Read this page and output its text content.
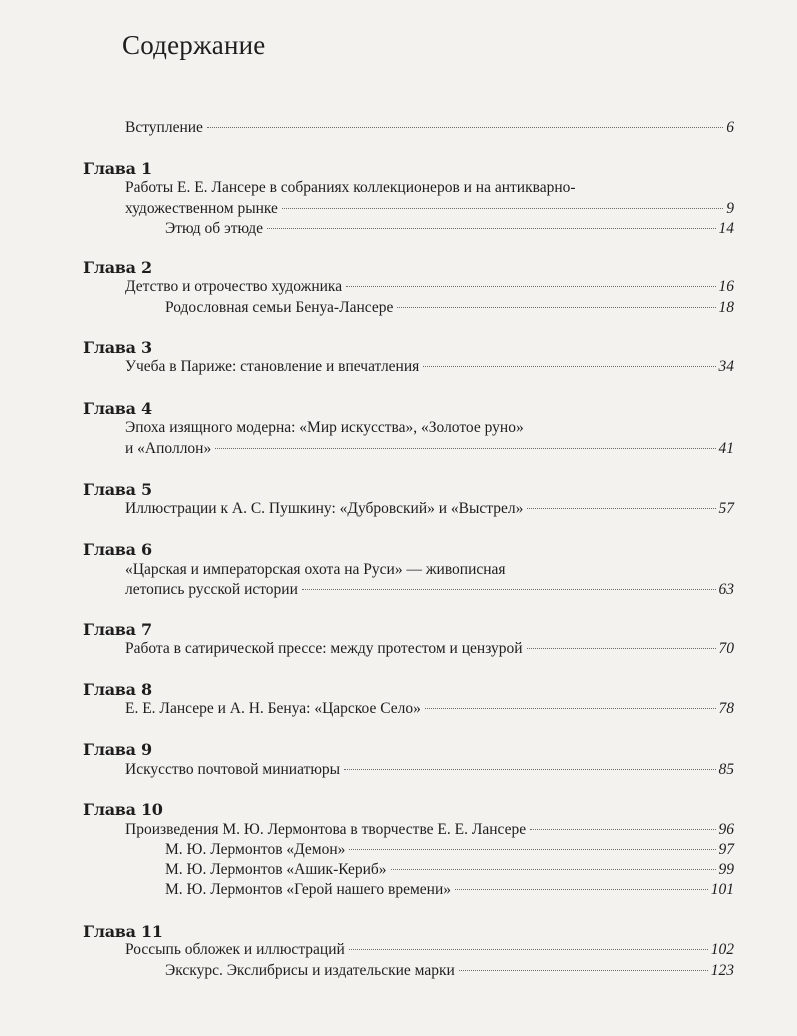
Содержание
Вступление	6
Глава 1
Работы Е. Е. Лансере в собраниях коллекционеров и на антикварно-
художественном рынке	9
Этюд об этюде	14
Глава 2
Детство и отрочество художника	16
Родословная семьи Бенуа-Лансере	18
Глава 3
Учеба в Париже: становление и впечатления	34
Глава 4
Эпоха изящного модерна: «Мир искусства», «Золотое руно»
и «Аполлон»	41
Глава 5
Иллюстрации к А. С. Пушкину: «Дубровский» и «Выстрел»	57
Глава 6
«Царская и императорская охота на Руси» — живописная
летопись русской истории	63
Глава 7
Работа в сатирической прессе: между протестом и цензурой	70
Глава 8
Е. Е. Лансере и А. Н. Бенуа: «Царское Село»	78
Глава 9
Искусство почтовой миниатюры	85
Глава 10
Произведения М. Ю. Лермонтова в творчестве Е. Е. Лансере	96
М. Ю. Лермонтов «Демон»	97
М. Ю. Лермонтов «Ашик-Кериб»	99
М. Ю. Лермонтов «Герой нашего времени»	101
Глава 11
Россыпь обложек и иллюстраций	102
Экскурс. Экслибрисы и издательские марки	123
